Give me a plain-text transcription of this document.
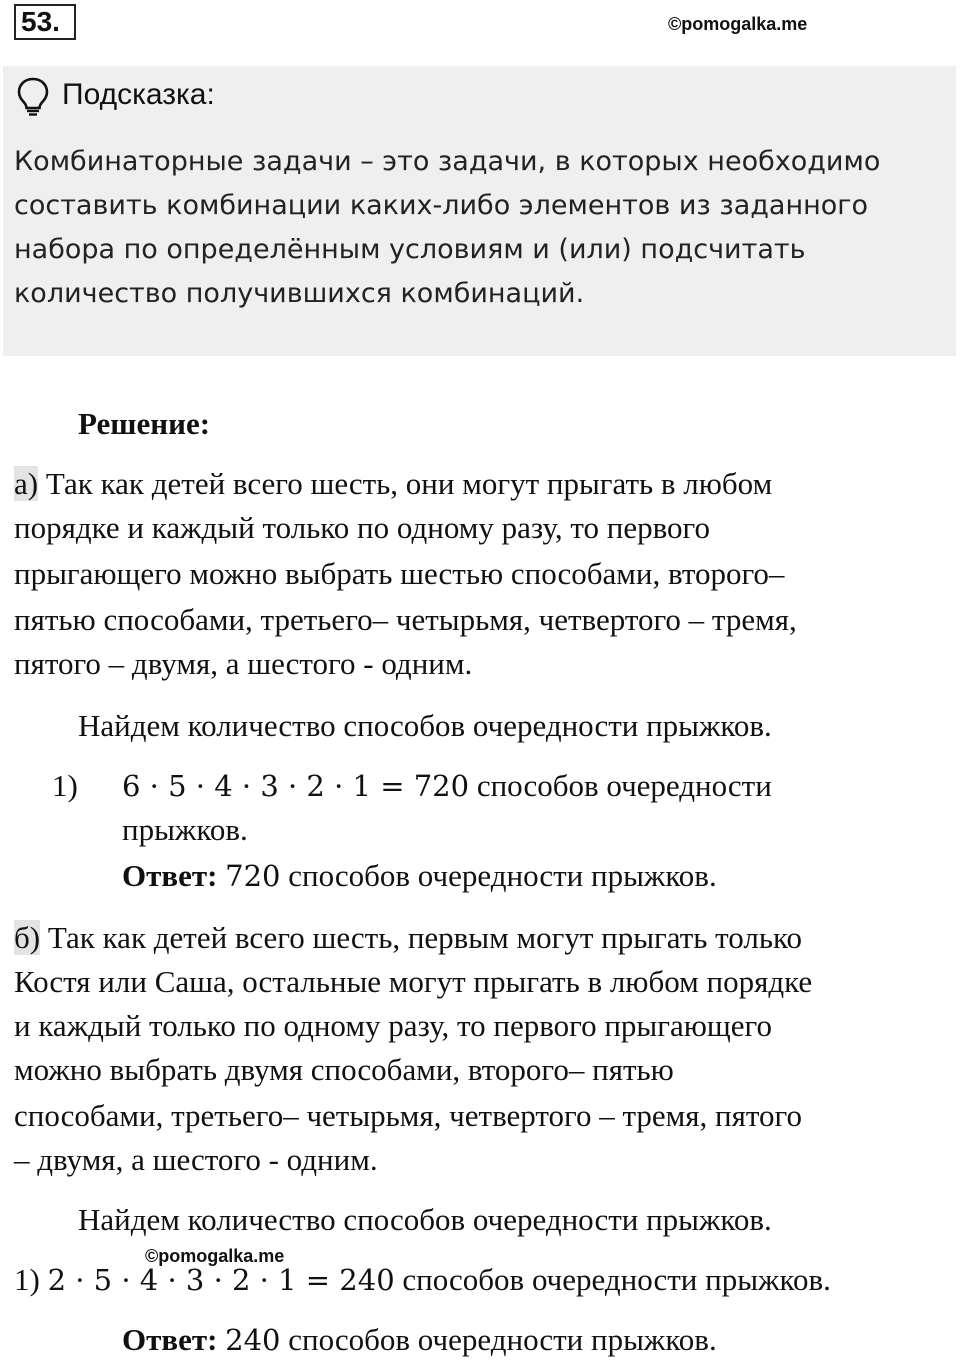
53.	©pomogalka.me
Подсказка:
Комбинаторные задачи – это задачи, в которых необходимо
составить комбинации каких-либо элементов из заданного
набора по определённым условиям и (или) подсчитать
количество получившихся комбинаций.
Решение:
а) Так как детей всего шесть, они могут прыгать в любом
порядке и каждый только по одному разу, то первого
прыгающего можно выбрать шестью способами, второго–
пятью способами, третьего– четырьмя, четвертого – тремя,
пятого – двумя, а шестого - одним.
Найдем количество способов очередности прыжков.
1) 6 · 5 · 4 · 3 · 2 · 1 = 720 способов очередности
прыжков.
Ответ: 720 способов очередности прыжков.
б) Так как детей всего шесть, первым могут прыгать только
Костя или Саша, остальные могут прыгать в любом порядке
и каждый только по одному разу, то первого прыгающего
можно выбрать двумя способами, второго– пятью
способами, третьего– четырьмя, четвертого – тремя, пятого
– двумя, а шестого - одним.
Найдем количество способов очередности прыжков.
©pomogalka.me
1) 2 · 5 · 4 · 3 · 2 · 1 = 240 способов очередности прыжков.
Ответ: 240 способов очередности прыжков.
